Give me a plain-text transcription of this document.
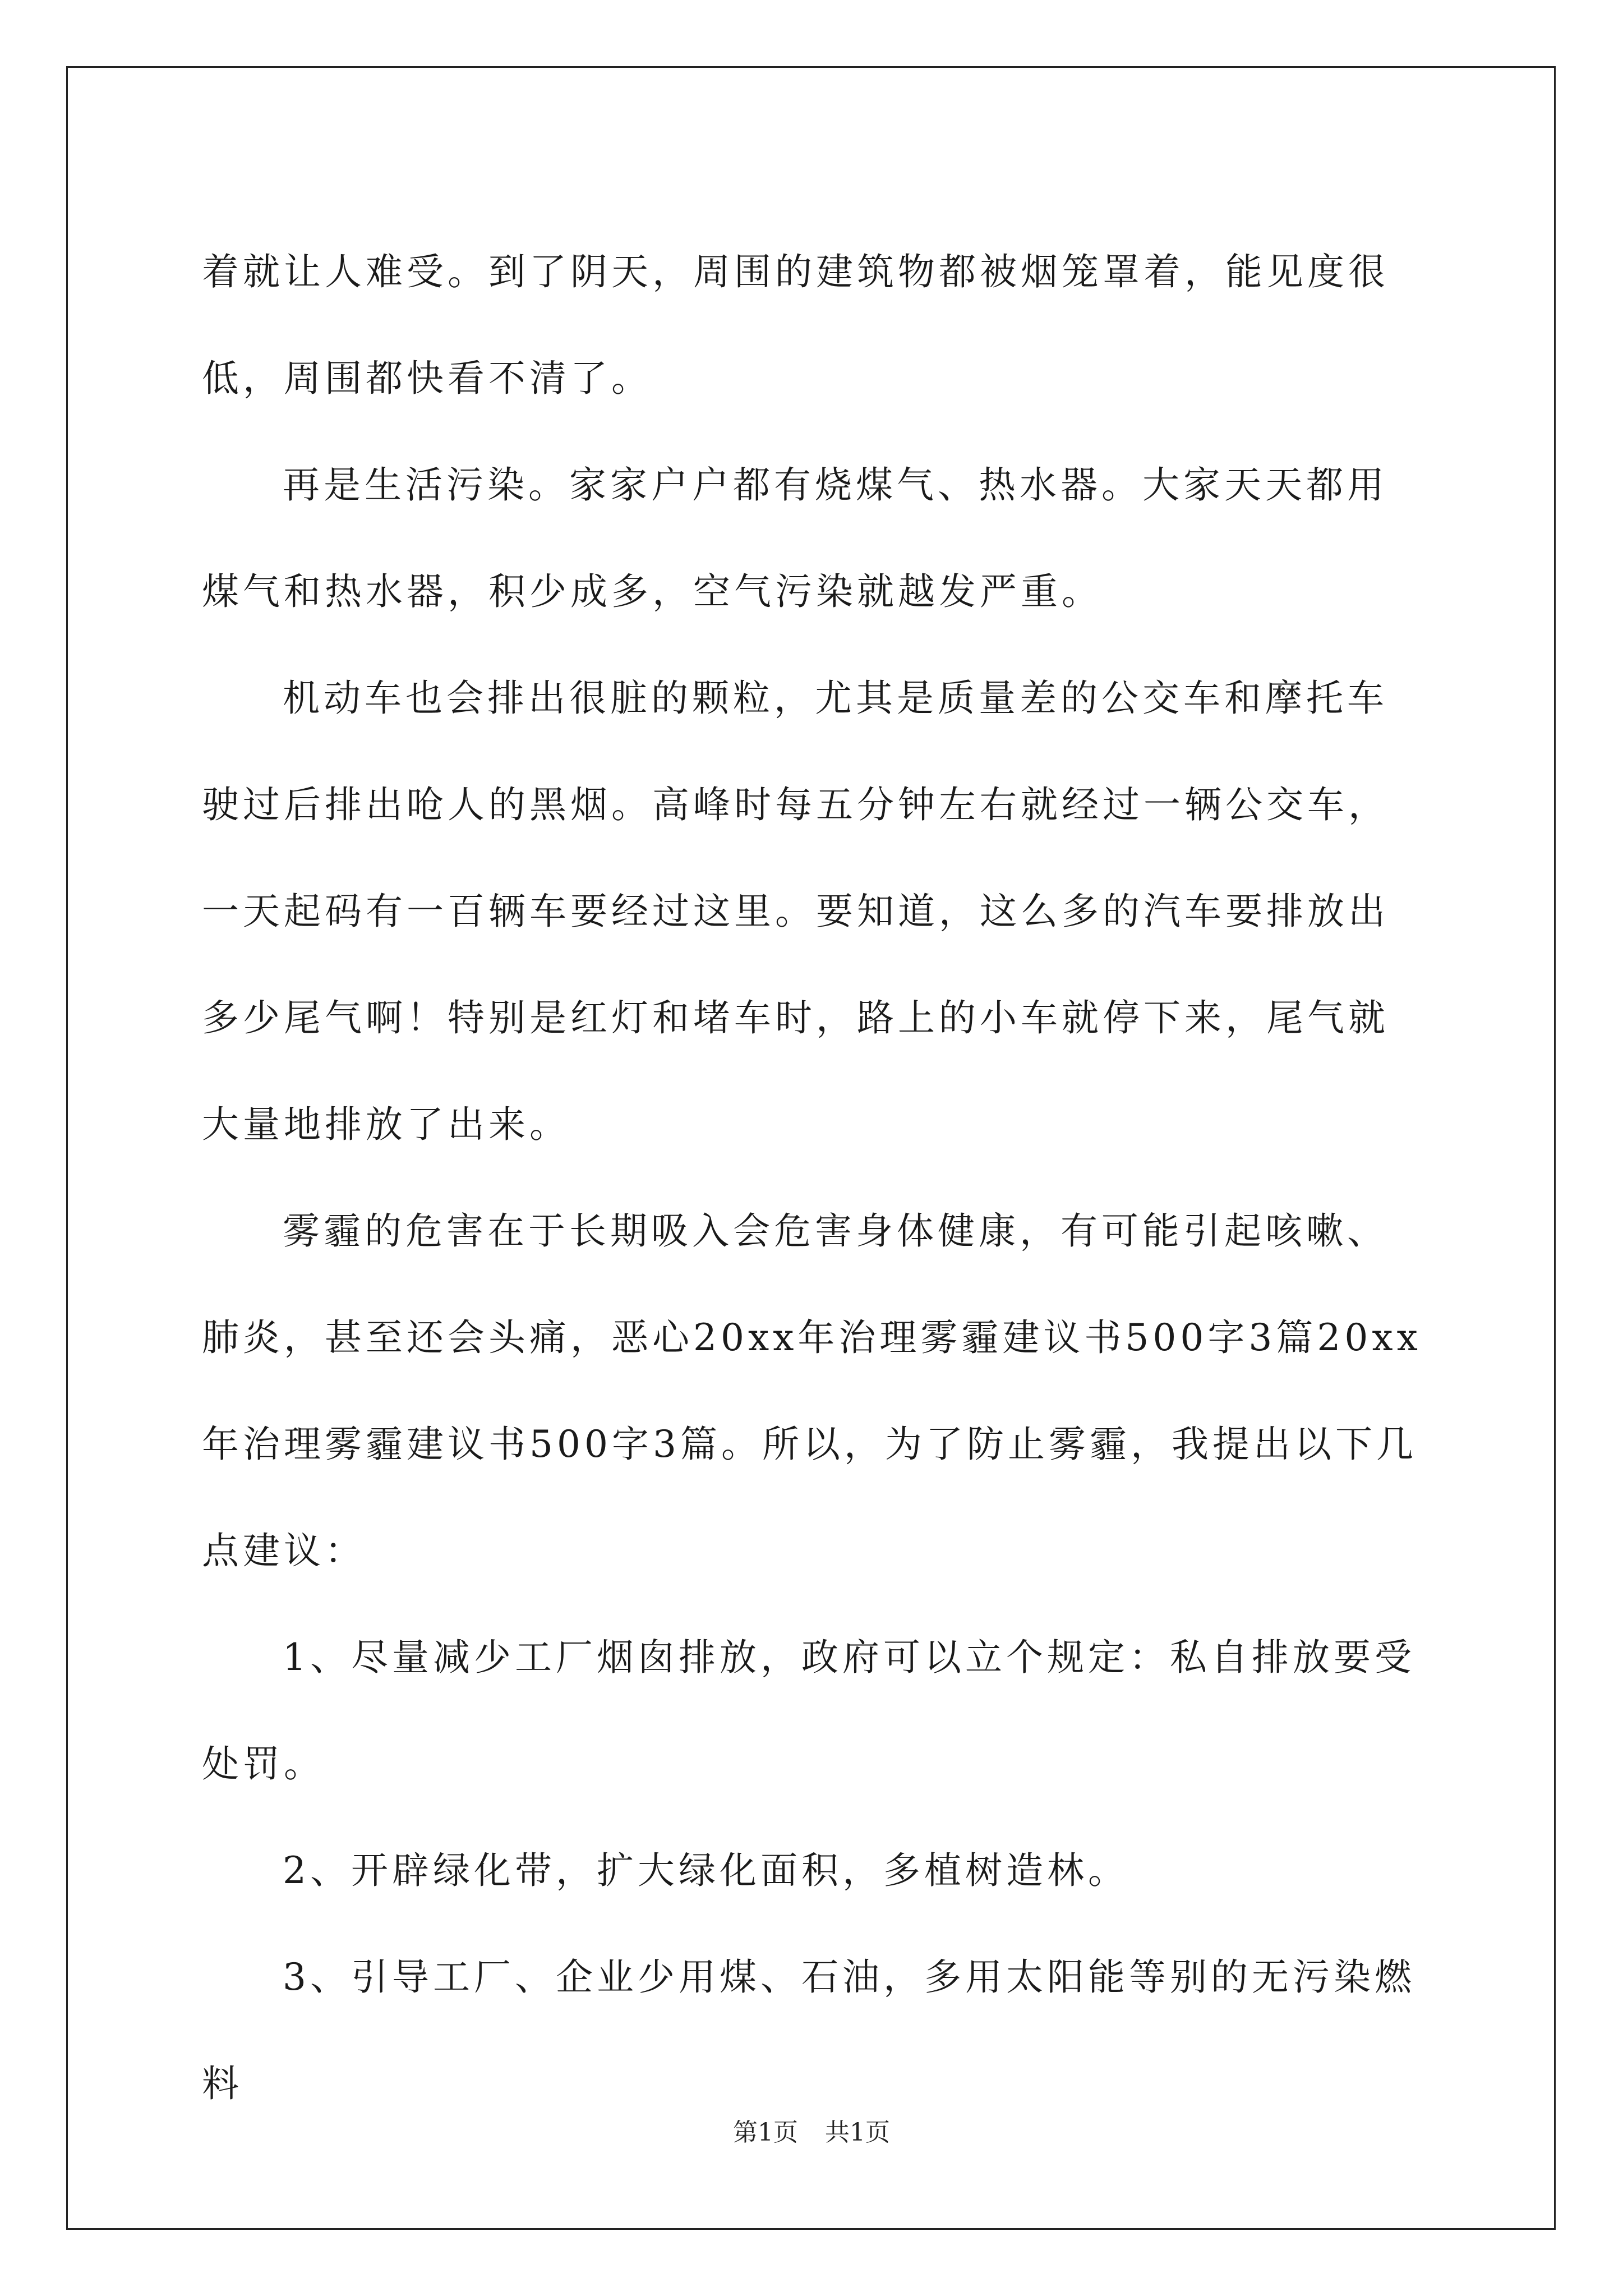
着就让人难受。到了阴天，周围的建筑物都被烟笼罩着，能见度很低，周围都快看不清了。

再是生活污染。家家户户都有烧煤气、热水器。大家天天都用煤气和热水器，积少成多，空气污染就越发严重。

机动车也会排出很脏的颗粒，尤其是质量差的公交车和摩托车驶过后排出呛人的黑烟。高峰时每五分钟左右就经过一辆公交车，一天起码有一百辆车要经过这里。要知道，这么多的汽车要排放出多少尾气啊！特别是红灯和堵车时，路上的小车就停下来，尾气就大量地排放了出来。

雾霾的危害在于长期吸入会危害身体健康，有可能引起咳嗽、肺炎，甚至还会头痛，恶心20xx年治理雾霾建议书500字3篇20xx年治理雾霾建议书500字3篇。所以，为了防止雾霾，我提出以下几点建议：

1、尽量减少工厂烟囱排放，政府可以立个规定：私自排放要受处罚。

2、开辟绿化带，扩大绿化面积，多植树造林。

3、引导工厂、企业少用煤、石油，多用太阳能等别的无污染燃料

第1页 共1页
